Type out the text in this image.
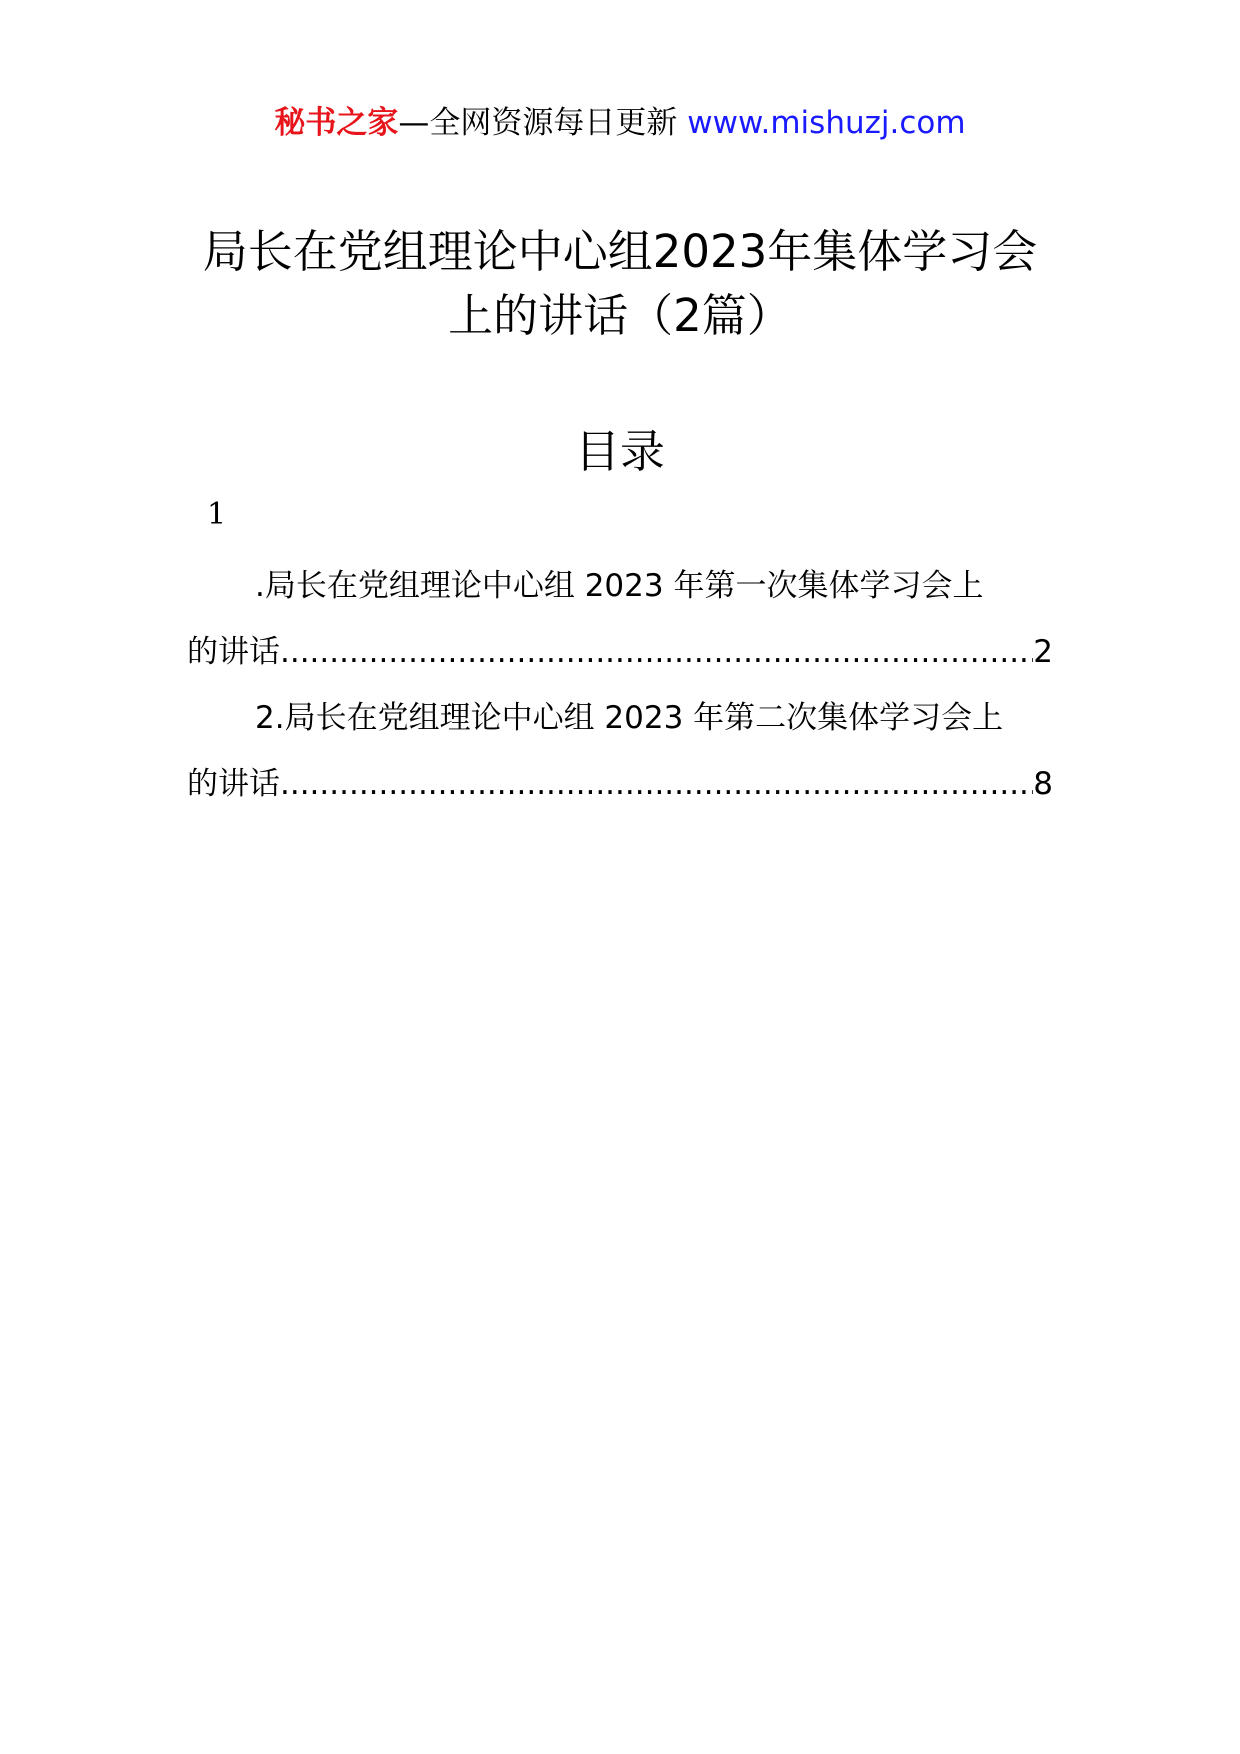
秘书之家—全网资源每日更新 www.mishuzj.com
局长在党组理论中心组2023年集体学习会上的讲话（2篇）
目录
1
.局长在党组理论中心组 2023 年第一次集体学习会上
的讲话 .....	2
2.局长在党组理论中心组 2023 年第二次集体学习会上
的讲话 .....	8
